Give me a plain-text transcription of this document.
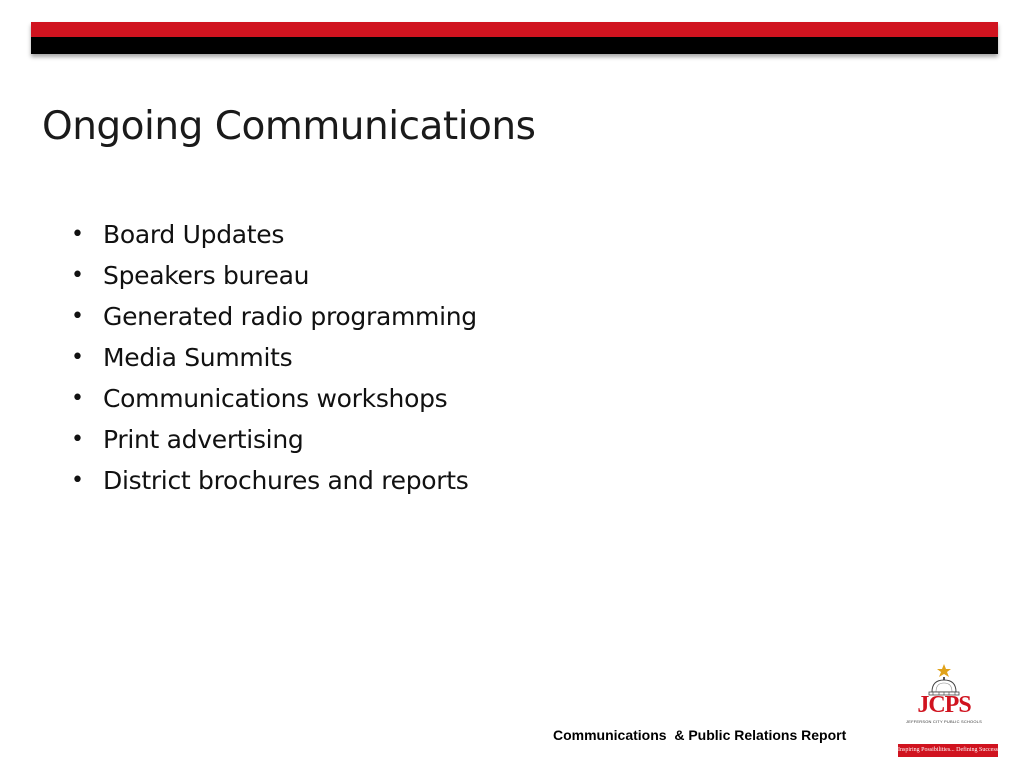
Ongoing Communications
• Board Updates
• Speakers bureau
• Generated radio programming
• Media Summits
• Communications workshops
• Print advertising
• District brochures and reports
Communications  & Public Relations Report
JCPS
JEFFERSON CITY PUBLIC SCHOOLS
Inspiring Possibilities... Defining Success
